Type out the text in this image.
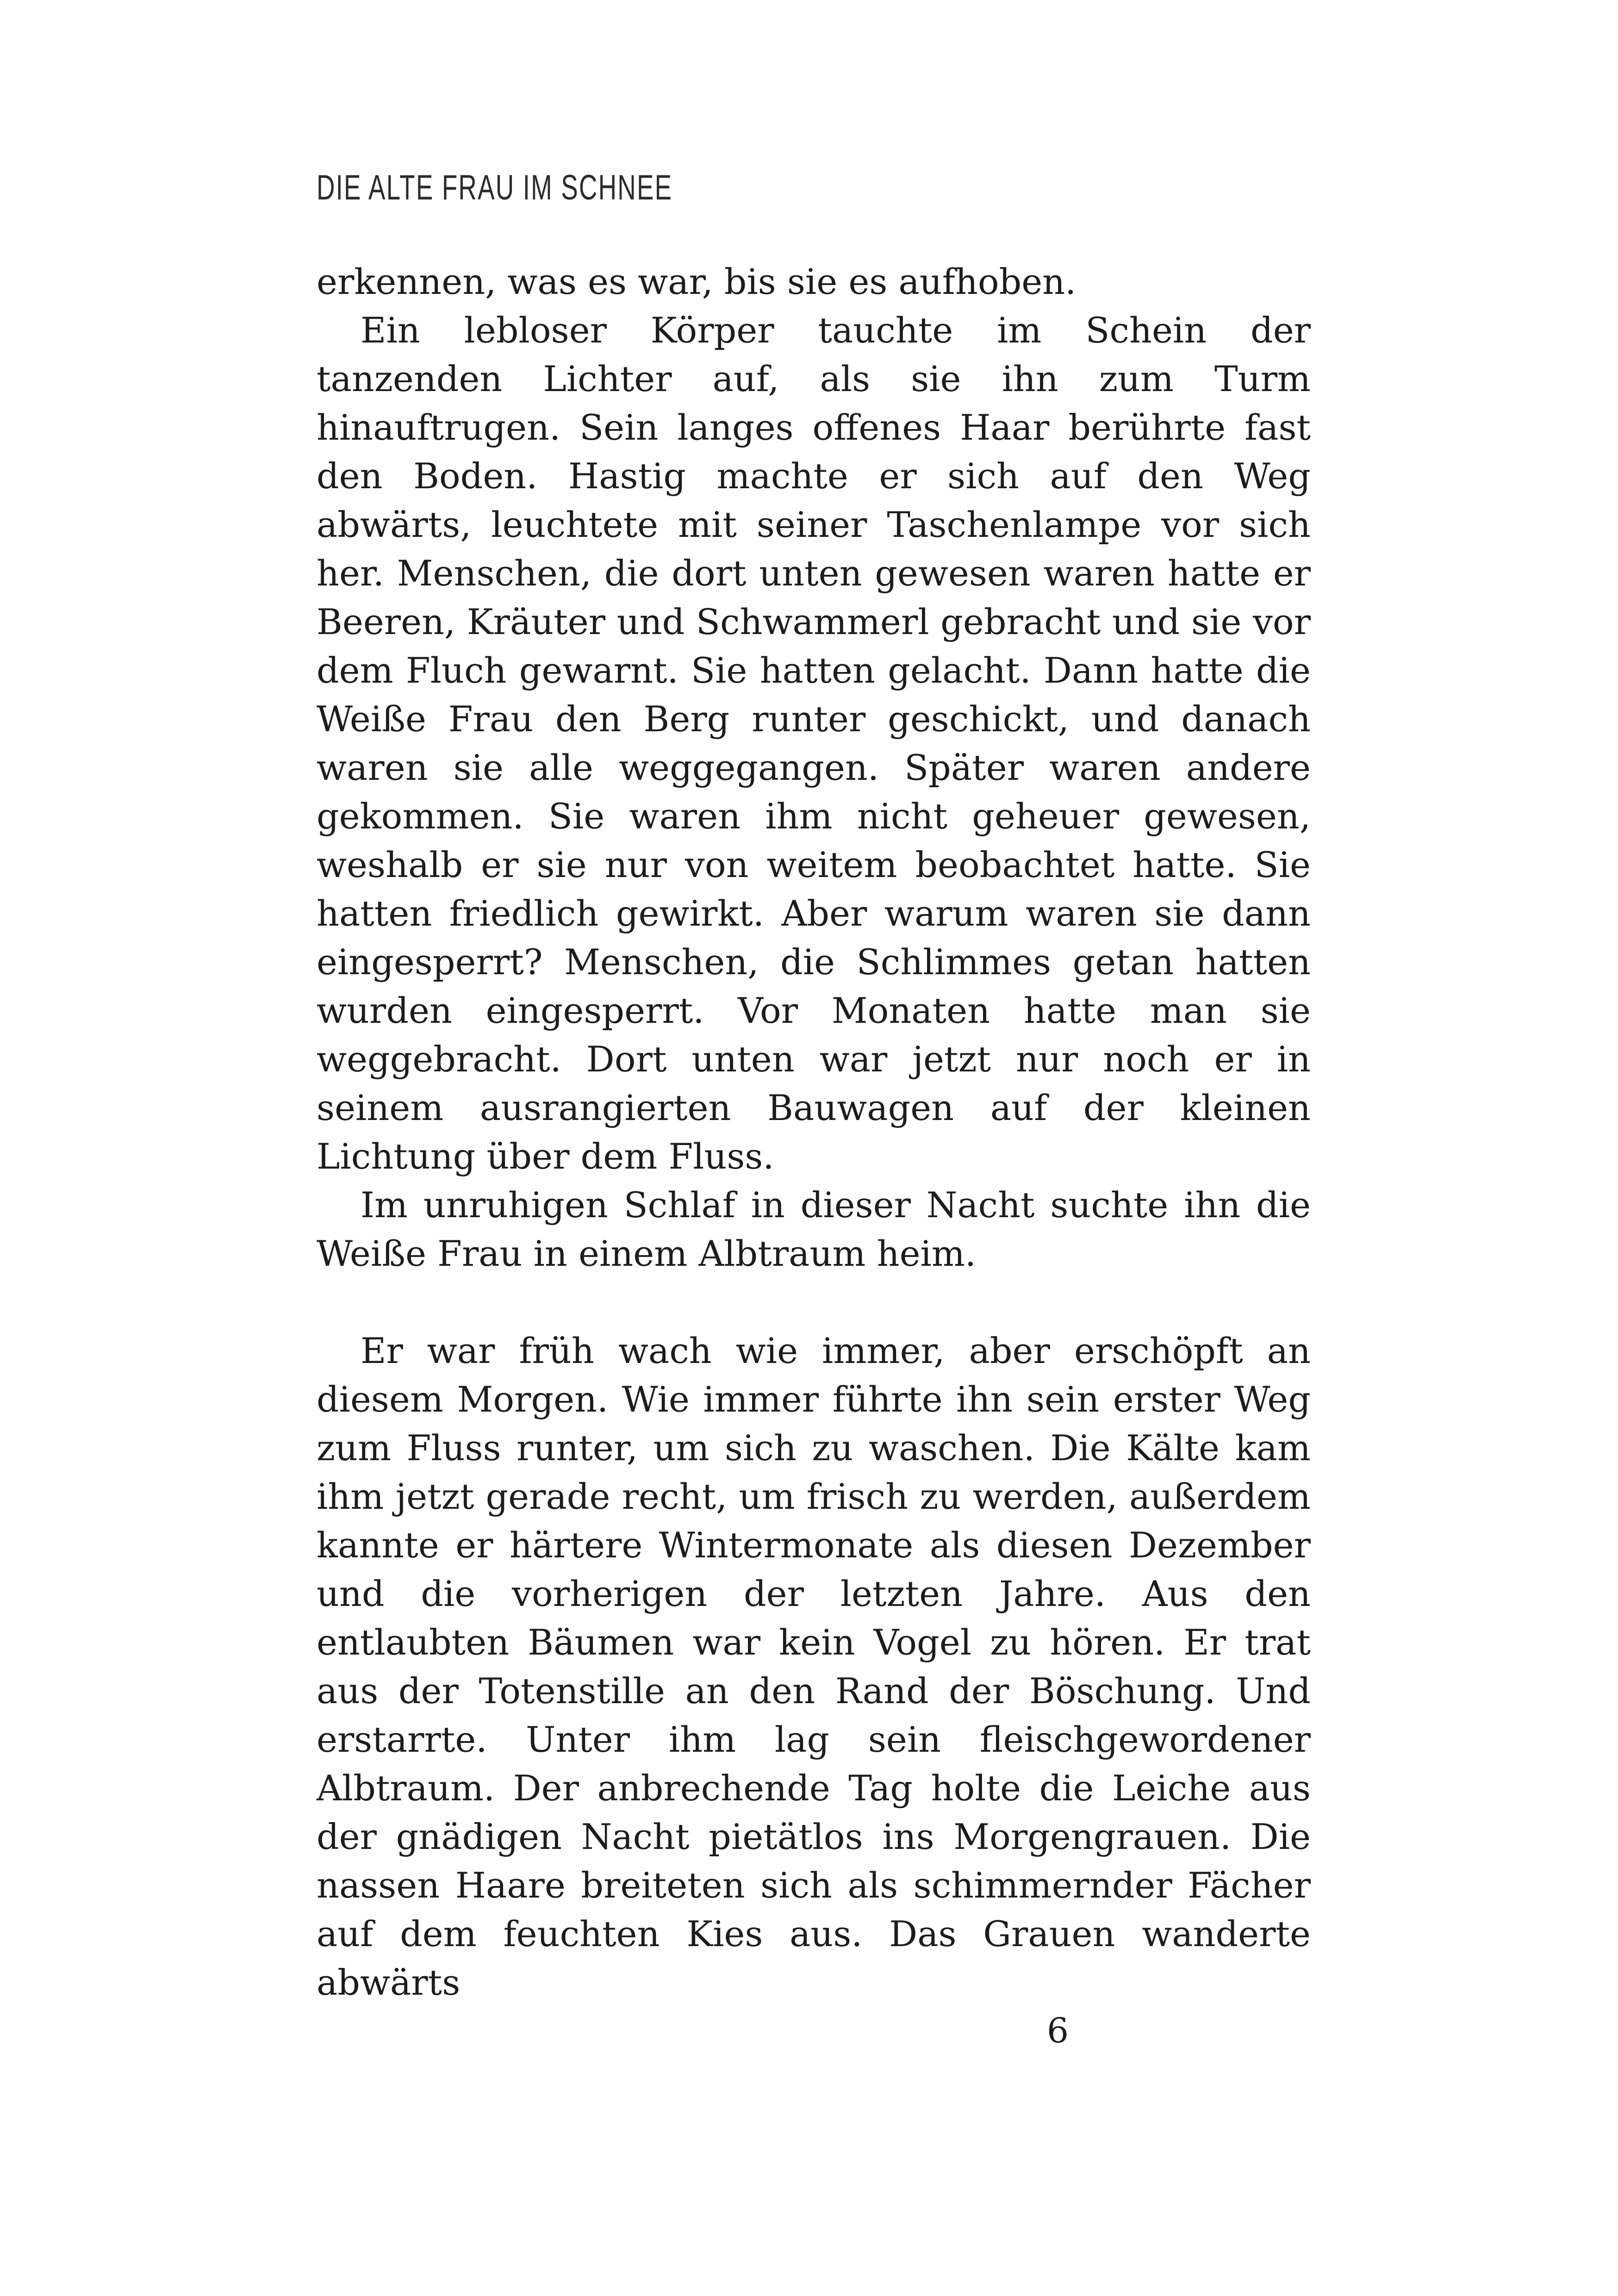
DIE ALTE FRAU IM SCHNEE

erkennen, was es war, bis sie es aufhoben.

Ein lebloser Körper tauchte im Schein der tanzenden Lichter auf, als sie ihn zum Turm hinauftrugen. Sein langes offenes Haar berührte fast den Boden. Hastig machte er sich auf den Weg abwärts, leuchtete mit seiner Taschenlampe vor sich her. Menschen, die dort unten gewesen waren hatte er Beeren, Kräuter und Schwammerl gebracht und sie vor dem Fluch gewarnt. Sie hatten gelacht. Dann hatte die Weiße Frau den Berg runter geschickt, und danach waren sie alle weggegangen. Später waren andere gekommen. Sie waren ihm nicht geheuer gewesen, weshalb er sie nur von weitem beobachtet hatte. Sie hatten friedlich gewirkt. Aber warum waren sie dann eingesperrt? Menschen, die Schlimmes getan hatten wurden eingesperrt. Vor Monaten hatte man sie weggebracht. Dort unten war jetzt nur noch er in seinem ausrangierten Bauwagen auf der kleinen Lichtung über dem Fluss.

Im unruhigen Schlaf in dieser Nacht suchte ihn die Weiße Frau in einem Albtraum heim.

Er war früh wach wie immer, aber erschöpft an diesem Morgen. Wie immer führte ihn sein erster Weg zum Fluss runter, um sich zu waschen. Die Kälte kam ihm jetzt gerade recht, um frisch zu werden, außerdem kannte er härtere Wintermonate als diesen Dezember und die vorherigen der letzten Jahre. Aus den entlaubten Bäumen war kein Vogel zu hören. Er trat aus der Totenstille an den Rand der Böschung. Und erstarrte. Unter ihm lag sein fleischgewordener Albtraum. Der anbrechende Tag holte die Leiche aus der gnädigen Nacht pietätlos ins Morgengrauen. Die nassen Haare breiteten sich als schimmernder Fächer auf dem feuchten Kies aus. Das Grauen wanderte abwärts

6
